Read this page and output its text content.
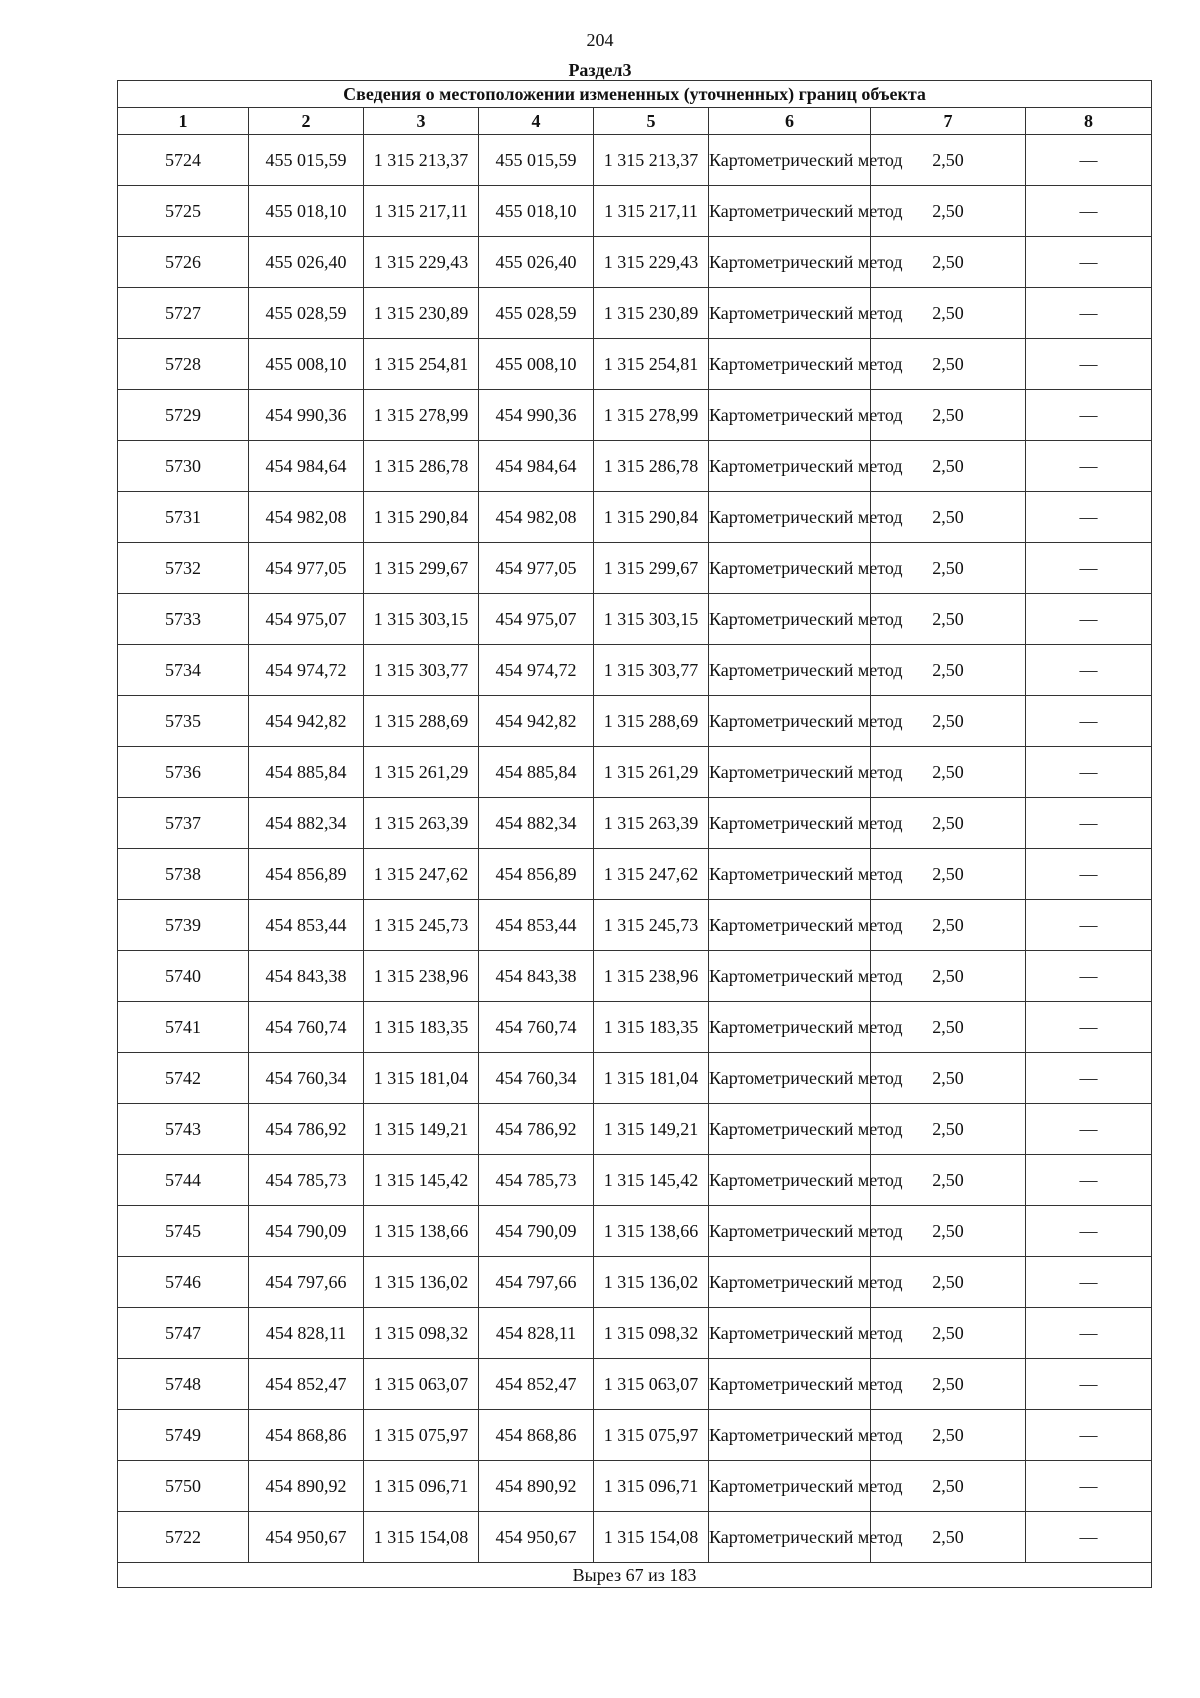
204
Раздел3
Сведения о местоположении измененных (уточненных) границ объекта							
1	2	3	4	5	6	7	8
5724	455 015,59	1 315 213,37	455 015,59	1 315 213,37	Картометрический метод	2,50	—
5725	455 018,10	1 315 217,11	455 018,10	1 315 217,11	Картометрический метод	2,50	—
5726	455 026,40	1 315 229,43	455 026,40	1 315 229,43	Картометрический метод	2,50	—
5727	455 028,59	1 315 230,89	455 028,59	1 315 230,89	Картометрический метод	2,50	—
5728	455 008,10	1 315 254,81	455 008,10	1 315 254,81	Картометрический метод	2,50	—
5729	454 990,36	1 315 278,99	454 990,36	1 315 278,99	Картометрический метод	2,50	—
5730	454 984,64	1 315 286,78	454 984,64	1 315 286,78	Картометрический метод	2,50	—
5731	454 982,08	1 315 290,84	454 982,08	1 315 290,84	Картометрический метод	2,50	—
5732	454 977,05	1 315 299,67	454 977,05	1 315 299,67	Картометрический метод	2,50	—
5733	454 975,07	1 315 303,15	454 975,07	1 315 303,15	Картометрический метод	2,50	—
5734	454 974,72	1 315 303,77	454 974,72	1 315 303,77	Картометрический метод	2,50	—
5735	454 942,82	1 315 288,69	454 942,82	1 315 288,69	Картометрический метод	2,50	—
5736	454 885,84	1 315 261,29	454 885,84	1 315 261,29	Картометрический метод	2,50	—
5737	454 882,34	1 315 263,39	454 882,34	1 315 263,39	Картометрический метод	2,50	—
5738	454 856,89	1 315 247,62	454 856,89	1 315 247,62	Картометрический метод	2,50	—
5739	454 853,44	1 315 245,73	454 853,44	1 315 245,73	Картометрический метод	2,50	—
5740	454 843,38	1 315 238,96	454 843,38	1 315 238,96	Картометрический метод	2,50	—
5741	454 760,74	1 315 183,35	454 760,74	1 315 183,35	Картометрический метод	2,50	—
5742	454 760,34	1 315 181,04	454 760,34	1 315 181,04	Картометрический метод	2,50	—
5743	454 786,92	1 315 149,21	454 786,92	1 315 149,21	Картометрический метод	2,50	—
5744	454 785,73	1 315 145,42	454 785,73	1 315 145,42	Картометрический метод	2,50	—
5745	454 790,09	1 315 138,66	454 790,09	1 315 138,66	Картометрический метод	2,50	—
5746	454 797,66	1 315 136,02	454 797,66	1 315 136,02	Картометрический метод	2,50	—
5747	454 828,11	1 315 098,32	454 828,11	1 315 098,32	Картометрический метод	2,50	—
5748	454 852,47	1 315 063,07	454 852,47	1 315 063,07	Картометрический метод	2,50	—
5749	454 868,86	1 315 075,97	454 868,86	1 315 075,97	Картометрический метод	2,50	—
5750	454 890,92	1 315 096,71	454 890,92	1 315 096,71	Картометрический метод	2,50	—
5722	454 950,67	1 315 154,08	454 950,67	1 315 154,08	Картометрический метод	2,50	—
Вырез 67 из 183							
